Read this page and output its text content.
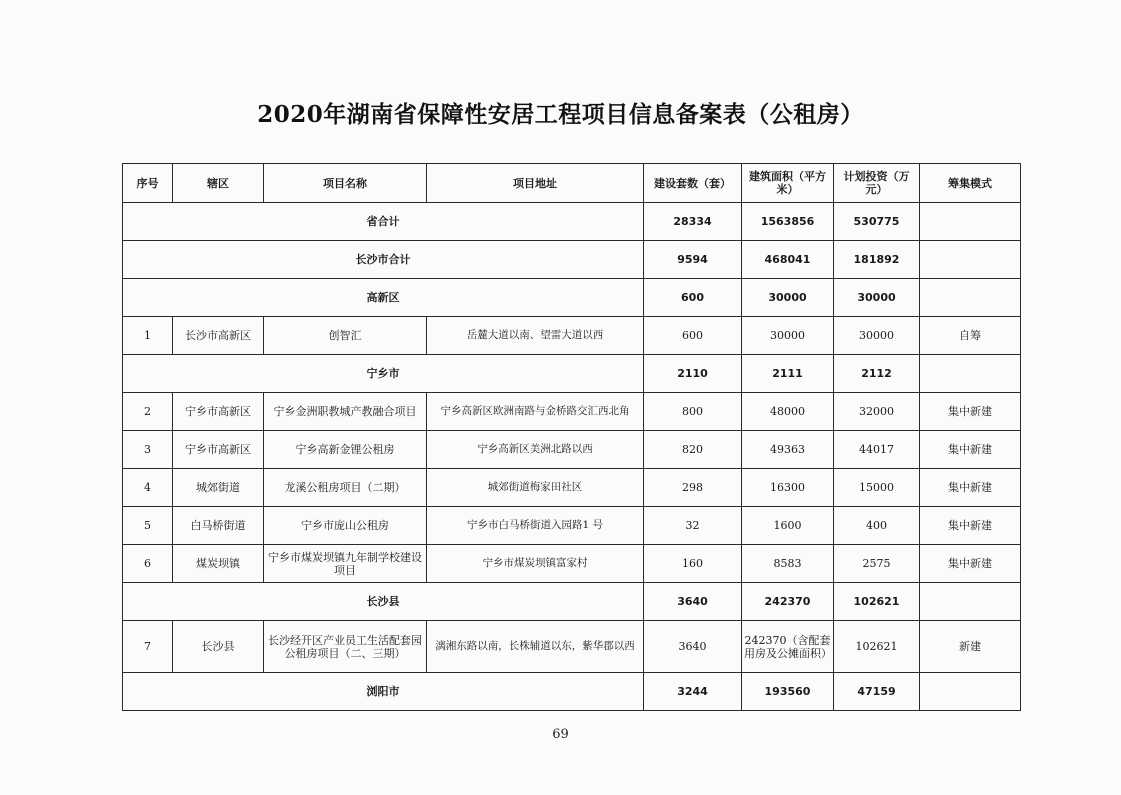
2020年湖南省保障性安居工程项目信息备案表（公租房）
序号	辖区	项目名称	项目地址	建设套数（套）	建筑面积（平方米）	计划投资（万元）	筹集模式
省合计				28334	1563856	530775	
长沙市合计				9594	468041	181892	
高新区				600	30000	30000	
1	长沙市高新区	创智汇	岳麓大道以南、望雷大道以西	600	30000	30000	自筹
宁乡市				2110	2111	2112	
2	宁乡市高新区	宁乡金洲职教城产教融合项目	宁乡高新区欧洲南路与金桥路交汇西北角	800	48000	32000	集中新建
3	宁乡市高新区	宁乡高新金锂公租房	宁乡高新区美洲北路以西	820	49363	44017	集中新建
4	城郊街道	龙溪公租房项目（二期）	城郊街道梅家田社区	298	16300	15000	集中新建
5	白马桥街道	宁乡市庞山公租房	宁乡市白马桥街道入园路1 号	32	1600	400	集中新建
6	煤炭坝镇	宁乡市煤炭坝镇九年制学校建设项目	宁乡市煤炭坝镇富家村	160	8583	2575	集中新建
长沙县				3640	242370	102621	
7	长沙县	长沙经开区产业员工生活配套园公租房项目（二、三期）	漓湘东路以南，长株辅道以东，紫华郡以西	3640	242370（含配套用房及公摊面积）	102621	新建
浏阳市				3244	193560	47159	
69
